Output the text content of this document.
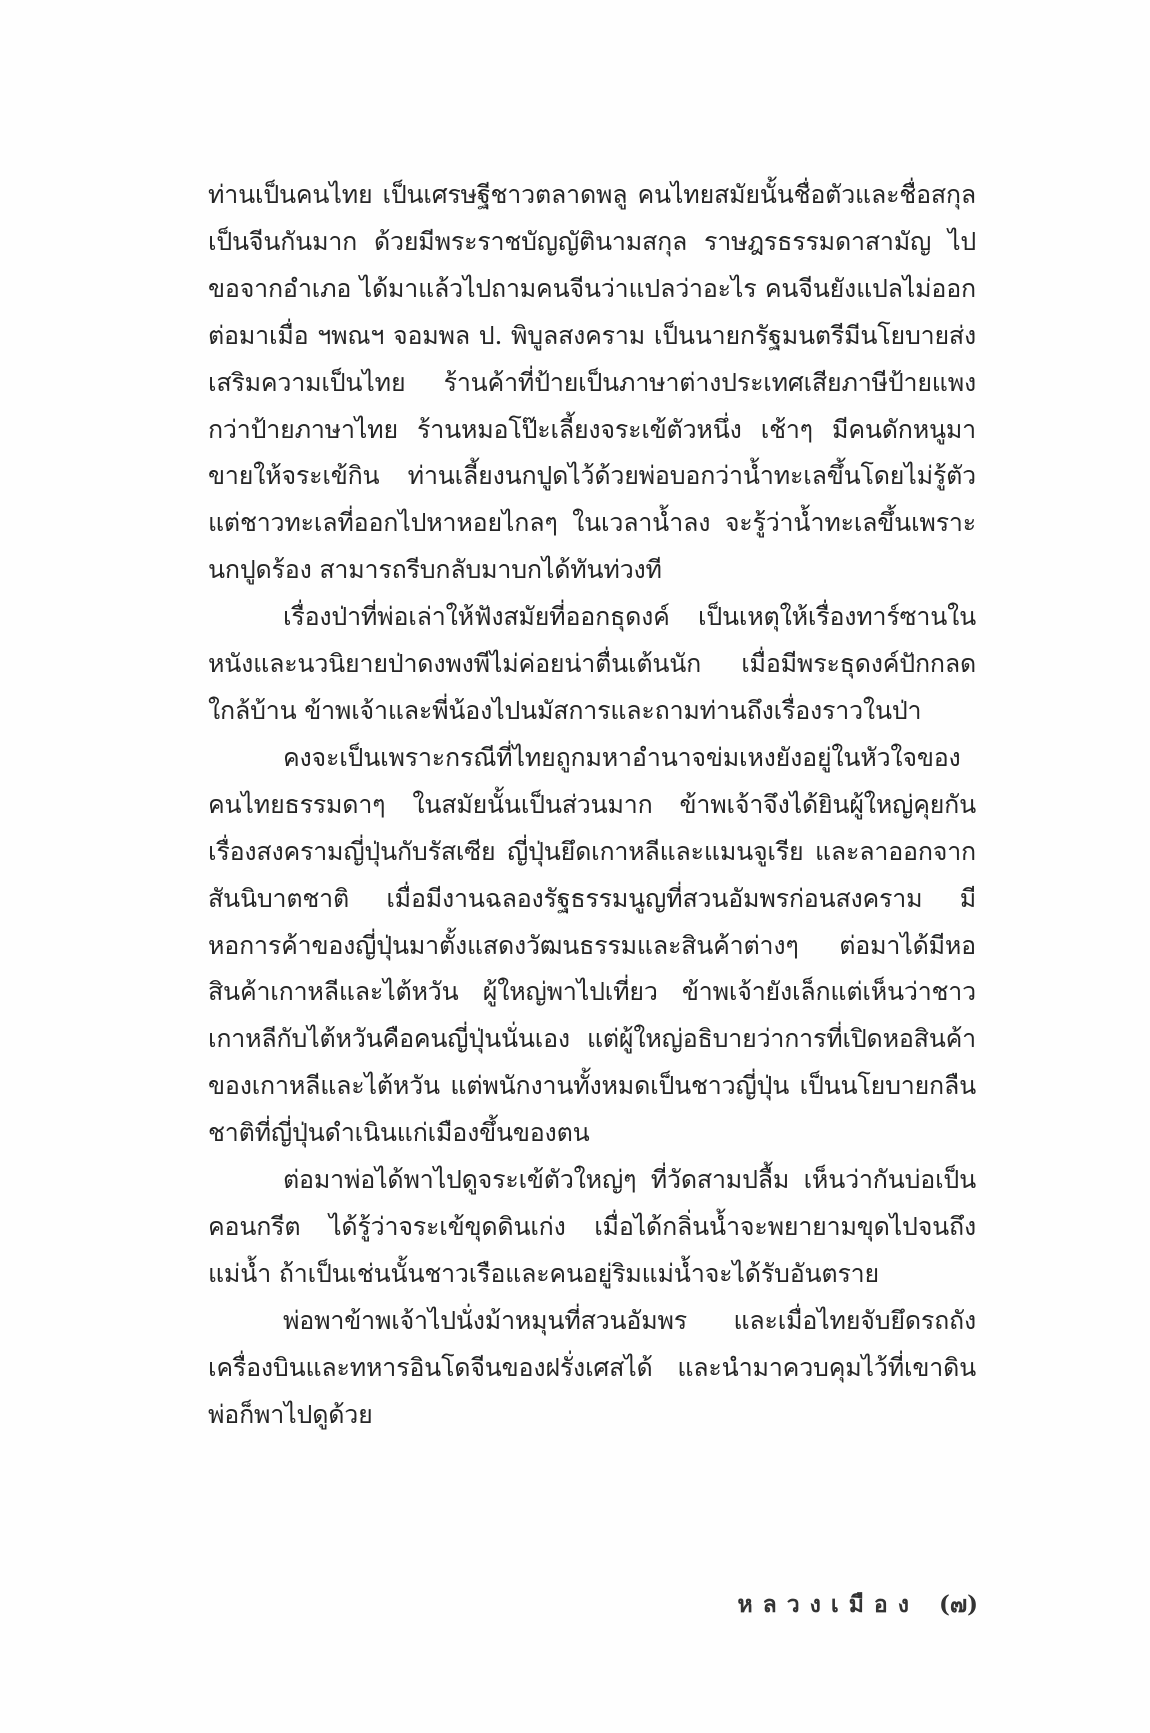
ท่านเป็นคนไทย เป็นเศรษฐีชาวตลาดพลู คนไทยสมัยนั้นชื่อตัวและชื่อสกุลเป็นจีนกันมาก ด้วยมีพระราชบัญญัตินามสกุล ราษฎรธรรมดาสามัญ ไปขอจากอำเภอ ได้มาแล้วไปถามคนจีนว่าแปลว่าอะไร คนจีนยังแปลไม่ออก ต่อมาเมื่อ ฯพณฯ จอมพล ป. พิบูลสงคราม เป็นนายกรัฐมนตรีมีนโยบายส่งเสริมความเป็นไทย ร้านค้าที่ป้ายเป็นภาษาต่างประเทศเสียภาษีป้ายแพงกว่าป้ายภาษาไทย ร้านหมอโป๊ะเลี้ยงจระเข้ตัวหนึ่ง เช้าๆ มีคนดักหนูมาขายให้จระเข้กิน ท่านเลี้ยงนกปูดไว้ด้วยพ่อบอกว่าน้ำทะเลขึ้นโดยไม่รู้ตัว แต่ชาวทะเลที่ออกไปหาหอยไกลๆ ในเวลาน้ำลง จะรู้ว่าน้ำทะเลขึ้นเพราะนกปูดร้อง สามารถรีบกลับมาบกได้ทันท่วงที

เรื่องป่าที่พ่อเล่าให้ฟังสมัยที่ออกธุดงค์ เป็นเหตุให้เรื่องทาร์ซานในหนังและนวนิยายป่าดงพงพีไม่ค่อยน่าตื่นเต้นนัก เมื่อมีพระธุดงค์ปักกลดใกล้บ้าน ข้าพเจ้าและพี่น้องไปนมัสการและถามท่านถึงเรื่องราวในป่า

คงจะเป็นเพราะกรณีที่ไทยถูกมหาอำนาจข่มเหงยังอยู่ในหัวใจของคนไทยธรรมดาๆ ในสมัยนั้นเป็นส่วนมาก ข้าพเจ้าจึงได้ยินผู้ใหญ่คุยกันเรื่องสงครามญี่ปุ่นกับรัสเซีย ญี่ปุ่นยึดเกาหลีและแมนจูเรีย และลาออกจากสันนิบาตชาติ เมื่อมีงานฉลองรัฐธรรมนูญที่สวนอัมพรก่อนสงคราม มีหอการค้าของญี่ปุ่นมาตั้งแสดงวัฒนธรรมและสินค้าต่างๆ ต่อมาได้มีหอสินค้าเกาหลีและไต้หวัน ผู้ใหญ่พาไปเที่ยว ข้าพเจ้ายังเล็กแต่เห็นว่าชาวเกาหลีกับไต้หวันคือคนญี่ปุ่นนั่นเอง แต่ผู้ใหญ่อธิบายว่าการที่เปิดหอสินค้าของเกาหลีและไต้หวัน แต่พนักงานทั้งหมดเป็นชาวญี่ปุ่น เป็นนโยบายกลืนชาติที่ญี่ปุ่นดำเนินแก่เมืองขึ้นของตน

ต่อมาพ่อได้พาไปดูจระเข้ตัวใหญ่ๆ ที่วัดสามปลื้ม เห็นว่ากันบ่อเป็นคอนกรีต ได้รู้ว่าจระเข้ขุดดินเก่ง เมื่อได้กลิ่นน้ำจะพยายามขุดไปจนถึงแม่น้ำ ถ้าเป็นเช่นนั้นชาวเรือและคนอยู่ริมแม่น้ำจะได้รับอันตราย

พ่อพาข้าพเจ้าไปนั่งม้าหมุนที่สวนอัมพร และเมื่อไทยจับยึดรถถังเครื่องบินและทหารอินโดจีนของฝรั่งเศสได้ และนำมาควบคุมไว้ที่เขาดินพ่อก็พาไปดูด้วย

หลวงเมือง (๗)
